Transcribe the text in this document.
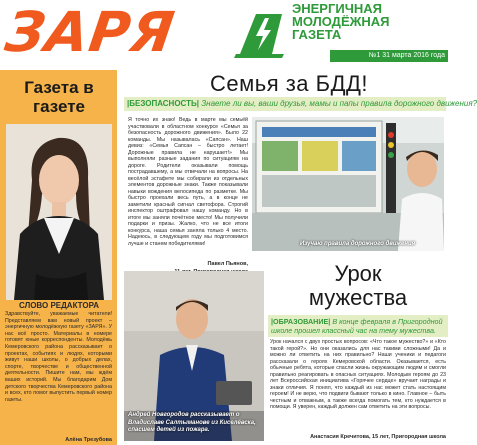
ЗАРЯ	ЭНЕРГИЧНАЯ
МОЛОДЁЖНАЯ
ГАЗЕТА
№1 31 марта 2016 года
Газета в газете
СЛОВО РЕДАКТОРА
Здравствуйте, уважаемые читатели! Представляем вам новый проект – энергичную молодёжную газету «ЗАРЯ». У нас всё просто. Материалы в номере готовят юные корреспонденты. Молодёжь Кемеровского района рассказывает о проектах, событиях и людях, которыми живут наши школы, о добрых делах, спорте, творчестве и общественной деятельности. Пишите нам, мы ждём ваших историй. Мы благодарим Дом детского творчества Кемеровского района и всех, кто помог выпустить первый номер газеты.
Алёна Трезубова
Семья за БДД!
|БЕЗОПАСНОСТЬ| Знаете ли вы, ваши друзья, мамы и папы правила дорожного движения?
Я точно их знаю! Ведь в марте мы семьёй участвовали в областном конкурсе «Семья за безопасность дорожного движения». Было 22 команды. Мы называлась «Сапсан». Наш девиз: «Семья Сапсан – быстро летает! Дорожные правила не нарушает!» Мы выполняли разные задания по ситуациям на дороге. Родители оказывали помощь пострадавшему, а мы отвечали на вопросы. На весёлой эстафете мы собирали из отдельных элементов дорожные знаки. Также показывали навыки вождения велосипеда по разметке. Мы быстро проехали весь путь, а в конце не заметили красный сигнал светофора. Строгий инспектор оштрафовал нашу команду. Но в итоге мы заняли почётное место! Мы получили подарки и призы. Жалко, что не все итоги конкурса, наша семья заняла только 4 место. Надеюсь, в следующем году мы подготовимся лучше и станем победителями!
Павел Пьянов,
Изучаю правила дорожного движения
Андрей Новгородов рассказывает о Владиславе Салтыманове из Киселёвска, спасшем детей из пожара.
Урок
мужества
|ОБРАЗОВАНИЕ| В конце февраля в Пригородной школе прошел классный час на тему мужества.
Урок начался с двух простых вопросов: «Что такое мужество?» и «Кто такой герой?». Но они оказались для нас такими сложными! Да и можно ли ответить на них правильно? Наши ученики и педагоги рассказали о героях Кемеровской области. Оказывается, есть обычные ребята, которые спасли жизнь окружающим людям и смогли правильно реагировать в опасных ситуациях. Молодым героям до 23 лет Всероссийская инициатива «Горячее сердце» вручает награды и знаки отличия. Я понял, что каждый из нас может стать настоящим героем! И не верю, что подвиги бывают только в кино. Главное – быть честным и отважным, а также всегда помогать тем, кто нуждается в помощи. Я уверен, каждый должен сам ответить на эти вопросы.
Анастасия Кречитова, 15 лет, Пригородная школа
